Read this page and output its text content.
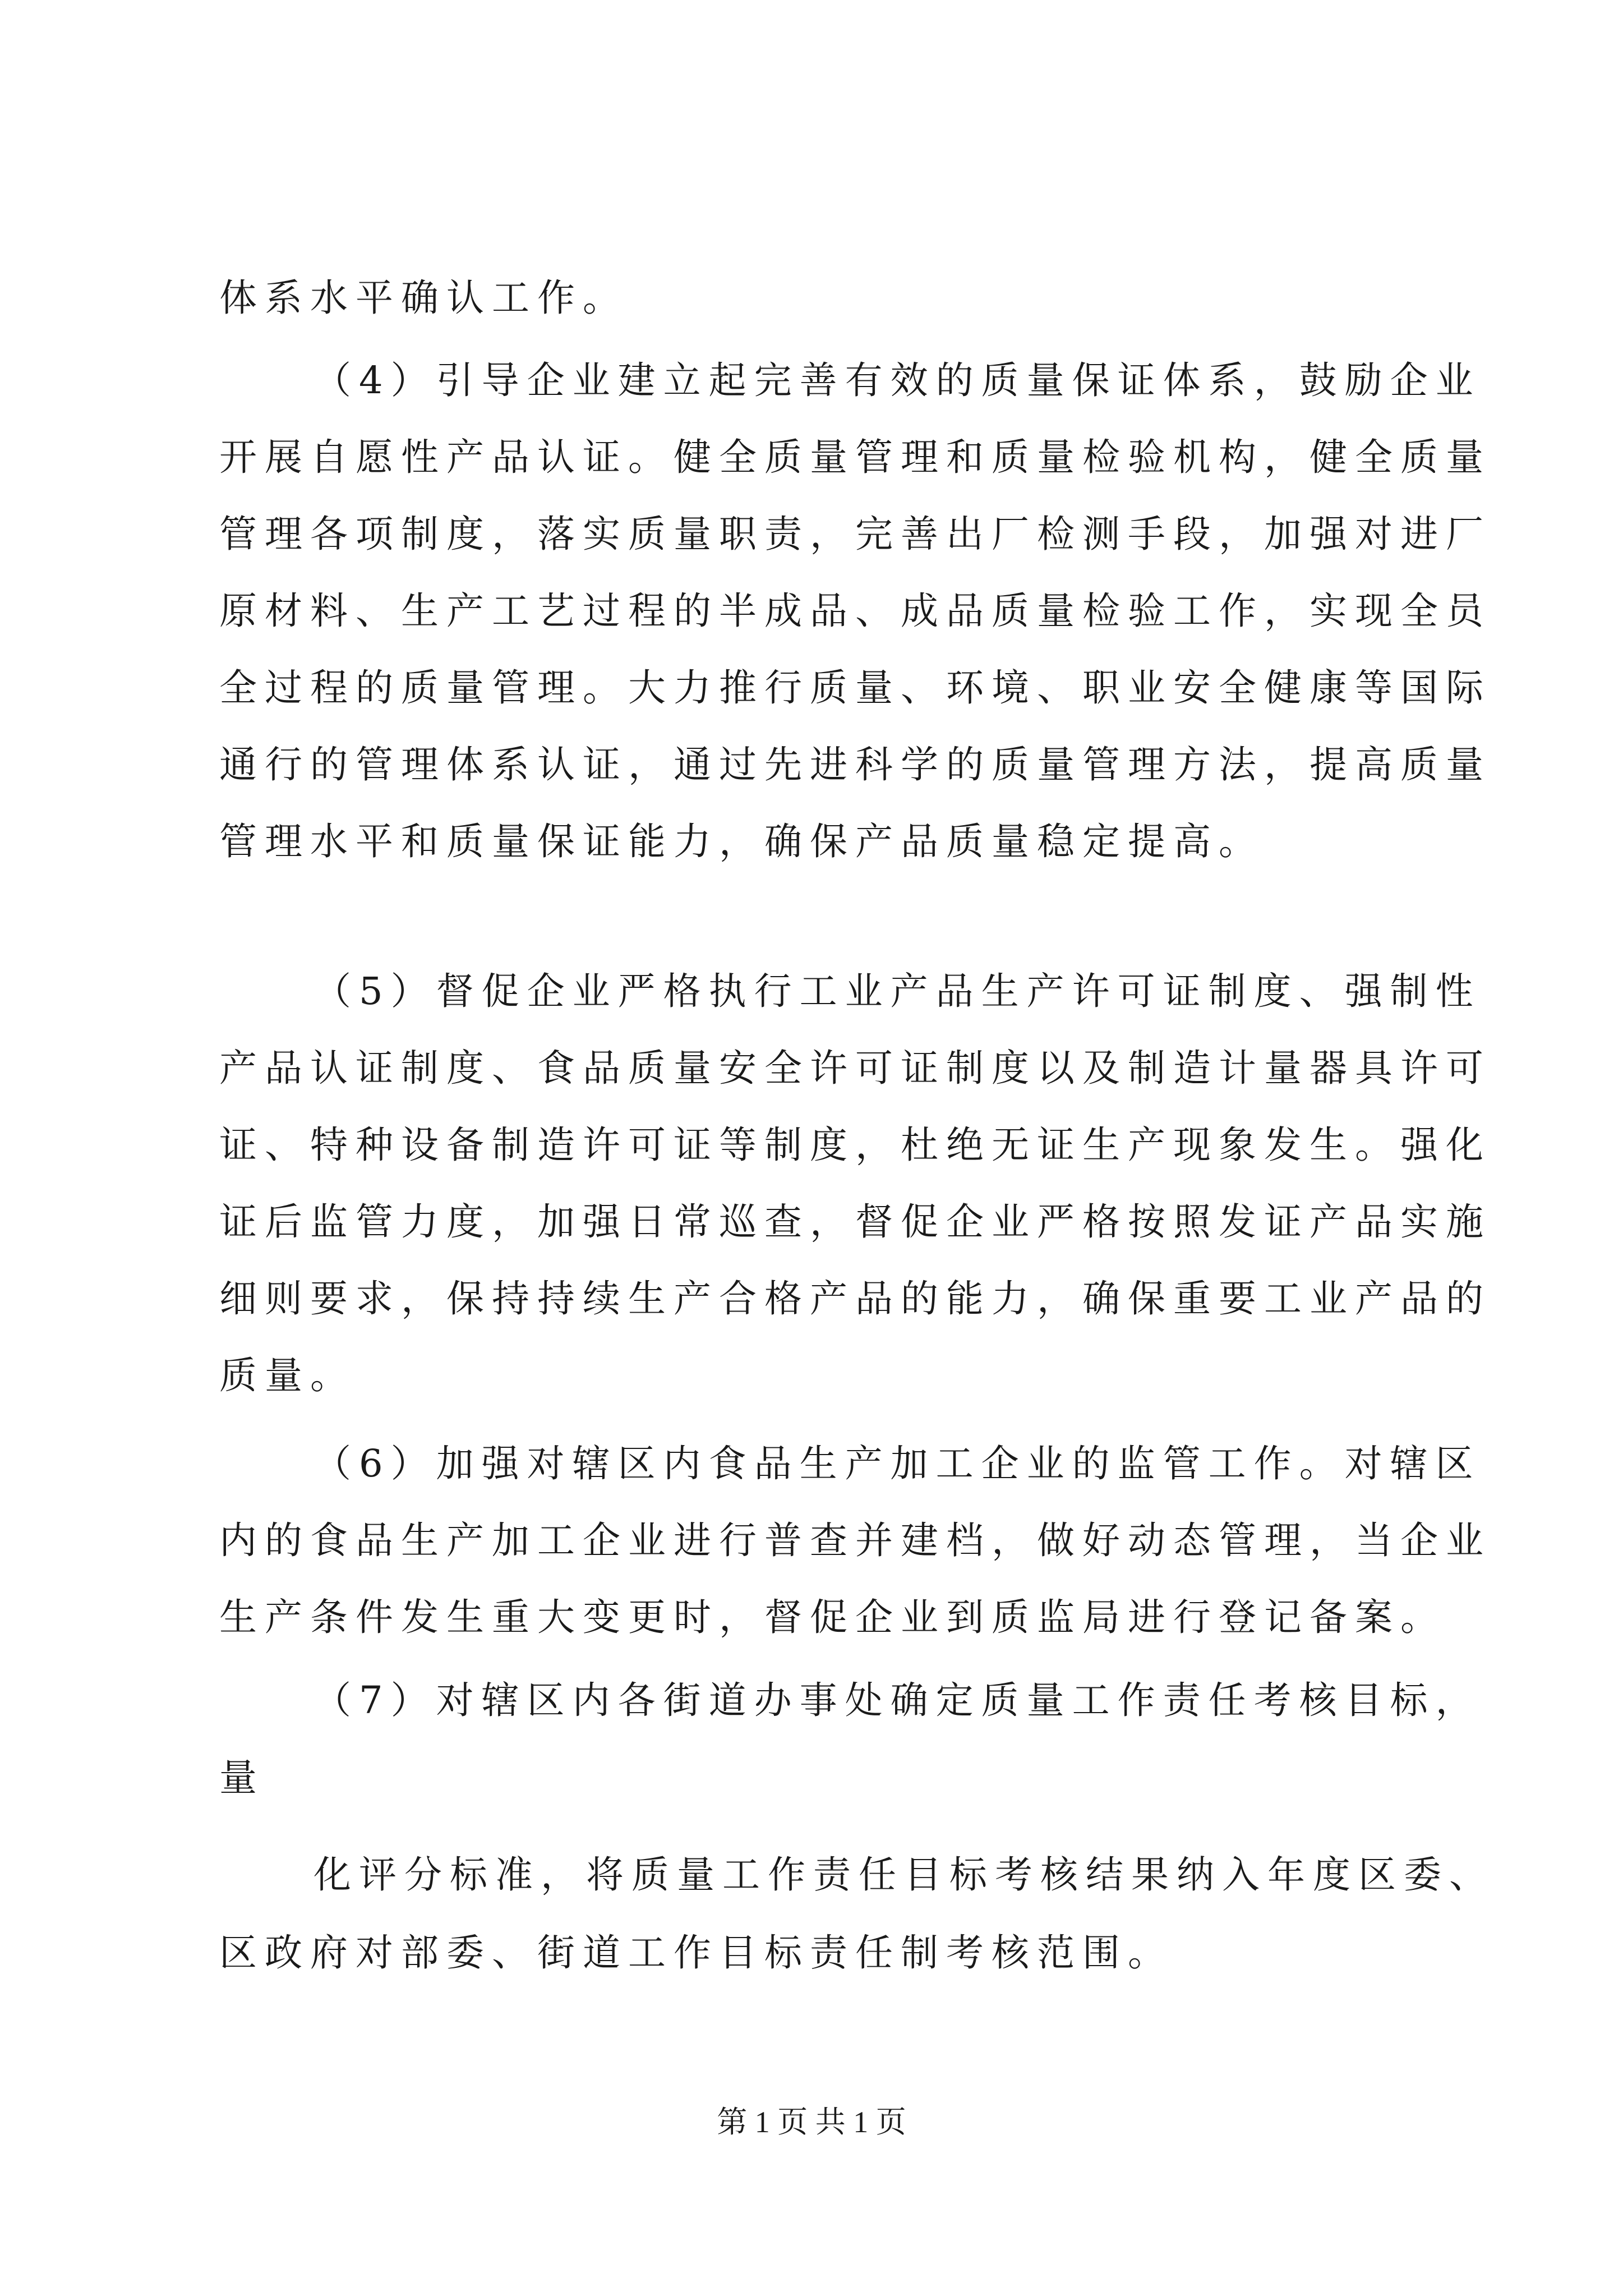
体系水平确认工作。
（4）引导企业建立起完善有效的质量保证体系，鼓励企业
开展自愿性产品认证。健全质量管理和质量检验机构，健全质量
管理各项制度，落实质量职责，完善出厂检测手段，加强对进厂
原材料、生产工艺过程的半成品、成品质量检验工作，实现全员
全过程的质量管理。大力推行质量、环境、职业安全健康等国际
通行的管理体系认证，通过先进科学的质量管理方法，提高质量
管理水平和质量保证能力，确保产品质量稳定提高。
（5）督促企业严格执行工业产品生产许可证制度、强制性
产品认证制度、食品质量安全许可证制度以及制造计量器具许可
证、特种设备制造许可证等制度，杜绝无证生产现象发生。强化
证后监管力度，加强日常巡查，督促企业严格按照发证产品实施
细则要求，保持持续生产合格产品的能力，确保重要工业产品的
质量。
（6）加强对辖区内食品生产加工企业的监管工作。对辖区
内的食品生产加工企业进行普查并建档，做好动态管理，当企业
生产条件发生重大变更时，督促企业到质监局进行登记备案。
（7）对辖区内各街道办事处确定质量工作责任考核目标，
量
化评分标准，将质量工作责任目标考核结果纳入年度区委、
区政府对部委、街道工作目标责任制考核范围。
第 1 页 共 1 页
